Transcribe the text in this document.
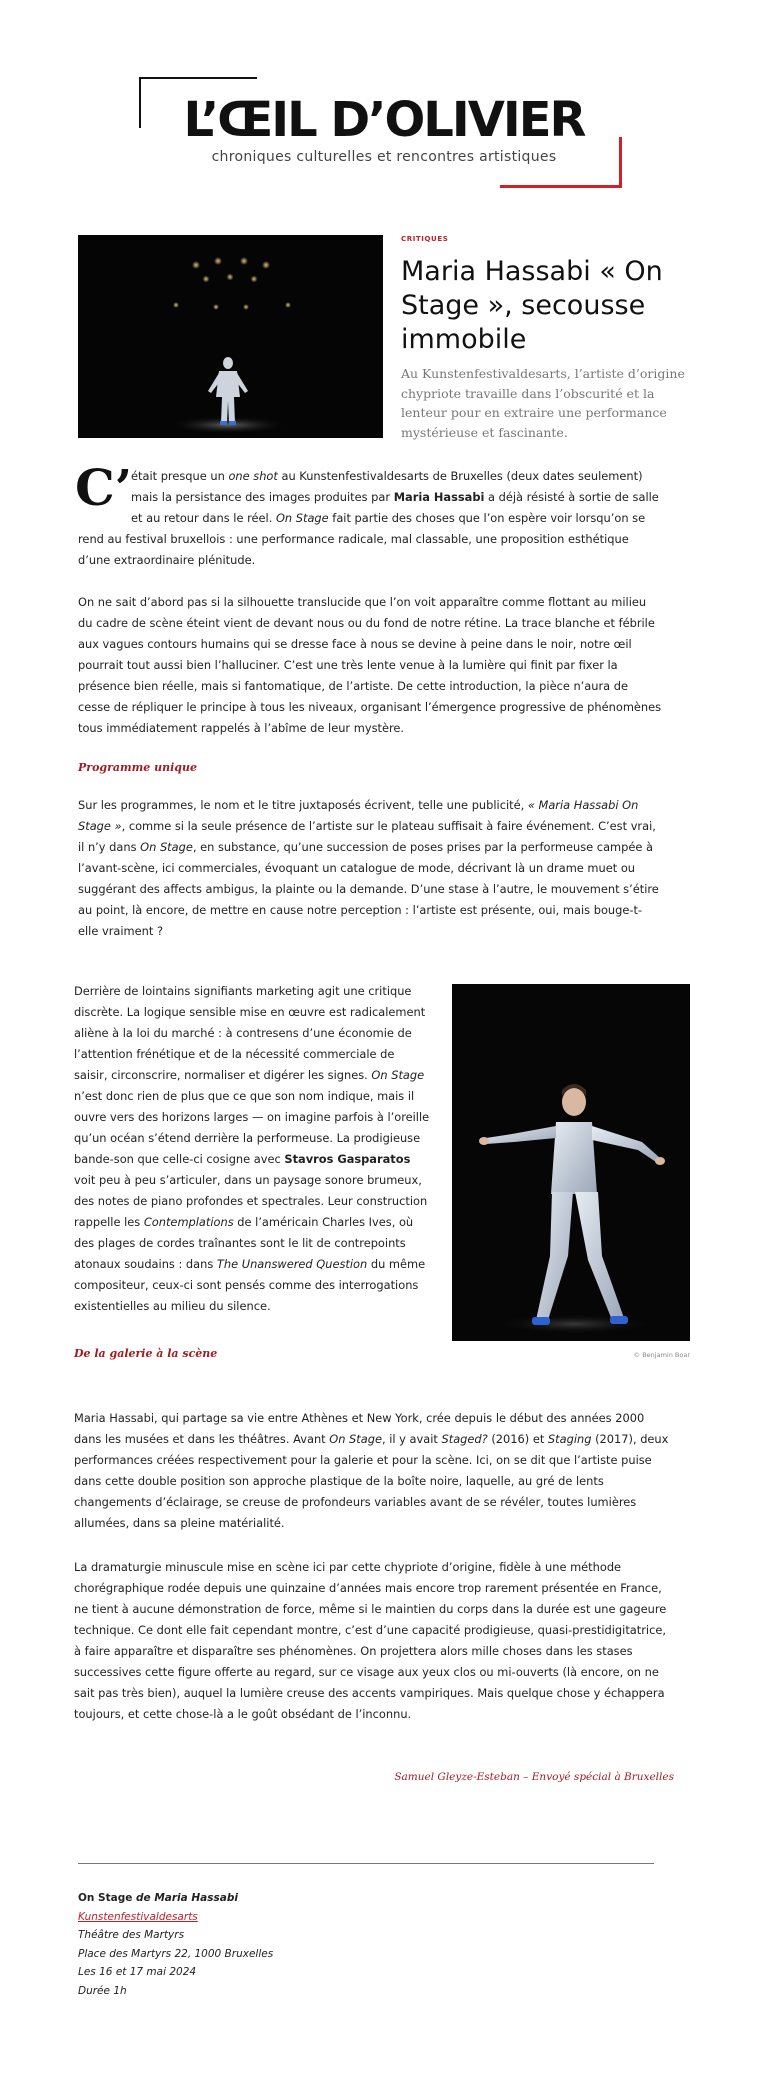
L’ŒIL D’OLIVIER
chroniques culturelles et rencontres artistiques
CRITIQUES
Maria Hassabi « On Stage », secousse immobile

Au Kunstenfestivaldesarts, l’artiste d’origine chypriote travaille dans l’obscurité et la lenteur pour en extraire une performance mystérieuse et fascinante.

C’

était presque un one shot au Kunstenfestivaldesarts de Bruxelles (deux dates seulement) mais la persistance des images produites par Maria Hassabi a déjà résisté à sortie de salle et au retour dans le réel. On Stage fait partie des choses que l’on espère voir lorsqu’on se rend au festival bruxellois : une performance radicale, mal classable, une proposition esthétique d’une extraordinaire plénitude.

On ne sait d’abord pas si la silhouette translucide que l’on voit apparaître comme flottant au milieu du cadre de scène éteint vient de devant nous ou du fond de notre rétine. La trace blanche et fébrile aux vagues contours humains qui se dresse face à nous se devine à peine dans le noir, notre œil pourrait tout aussi bien l’halluciner. C’est une très lente venue à la lumière qui finit par fixer la présence bien réelle, mais si fantomatique, de l’artiste. De cette introduction, la pièce n’aura de cesse de répliquer le principe à tous les niveaux, organisant l’émergence progressive de phénomènes tous immédiatement rappelés à l’abîme de leur mystère.

Programme unique

Sur les programmes, le nom et le titre juxtaposés écrivent, telle une publicité, « Maria Hassabi On Stage », comme si la seule présence de l’artiste sur le plateau suffisait à faire événement. C’est vrai, il n’y dans On Stage, en substance, qu’une succession de poses prises par la performeuse campée à l’avant-scène, ici commerciales, évoquant un catalogue de mode, décrivant là un drame muet ou suggérant des affects ambigus, la plainte ou la demande. D’une stase à l’autre, le mouvement s’étire au point, là encore, de mettre en cause notre perception : l’artiste est présente, oui, mais bouge-t-elle vraiment ?

Derrière de lointains signifiants marketing agit une critique discrète. La logique sensible mise en œuvre est radicalement aliène à la loi du marché : à contresens d’une économie de l’attention frénétique et de la nécessité commerciale de saisir, circonscrire, normaliser et digérer les signes. On Stage n’est donc rien de plus que ce que son nom indique, mais il ouvre vers des horizons larges — on imagine parfois à l’oreille qu’un océan s’étend derrière la performeuse. La prodigieuse bande-son que celle-ci cosigne avec Stavros Gasparatos voit peu à peu s’articuler, dans un paysage sonore brumeux, des notes de piano profondes et spectrales. Leur construction rappelle les Contemplations de l’américain Charles Ives, où des plages de cordes traînantes sont le lit de contrepoints atonaux soudains : dans The Unanswered Question du même compositeur, ceux-ci sont pensés comme des interrogations existentielles au milieu du silence.

© Benjamin Boar
De la galerie à la scène

Maria Hassabi, qui partage sa vie entre Athènes et New York, crée depuis le début des années 2000 dans les musées et dans les théâtres. Avant On Stage, il y avait Staged? (2016) et Staging (2017), deux performances créées respectivement pour la galerie et pour la scène. Ici, on se dit que l’artiste puise dans cette double position son approche plastique de la boîte noire, laquelle, au gré de lents changements d’éclairage, se creuse de profondeurs variables avant de se révéler, toutes lumières allumées, dans sa pleine matérialité.

La dramaturgie minuscule mise en scène ici par cette chypriote d’origine, fidèle à une méthode chorégraphique rodée depuis une quinzaine d’années mais encore trop rarement présentée en France, ne tient à aucune démonstration de force, même si le maintien du corps dans la durée est une gageure technique. Ce dont elle fait cependant montre, c’est d’une capacité prodigieuse, quasi-prestidigitatrice, à faire apparaître et disparaître ses phénomènes. On projettera alors mille choses dans les stases successives cette figure offerte au regard, sur ce visage aux yeux clos ou mi-ouverts (là encore, on ne sait pas très bien), auquel la lumière creuse des accents vampiriques. Mais quelque chose y échappera toujours, et cette chose-là a le goût obsédant de l’inconnu.

Samuel Gleyze-Esteban – Envoyé spécial à Bruxelles
On Stage de Maria Hassabi
Kunstenfestivaldesarts
Théâtre des Martyrs
Place des Martyrs 22, 1000 Bruxelles
Les 16 et 17 mai 2024
Durée 1h
